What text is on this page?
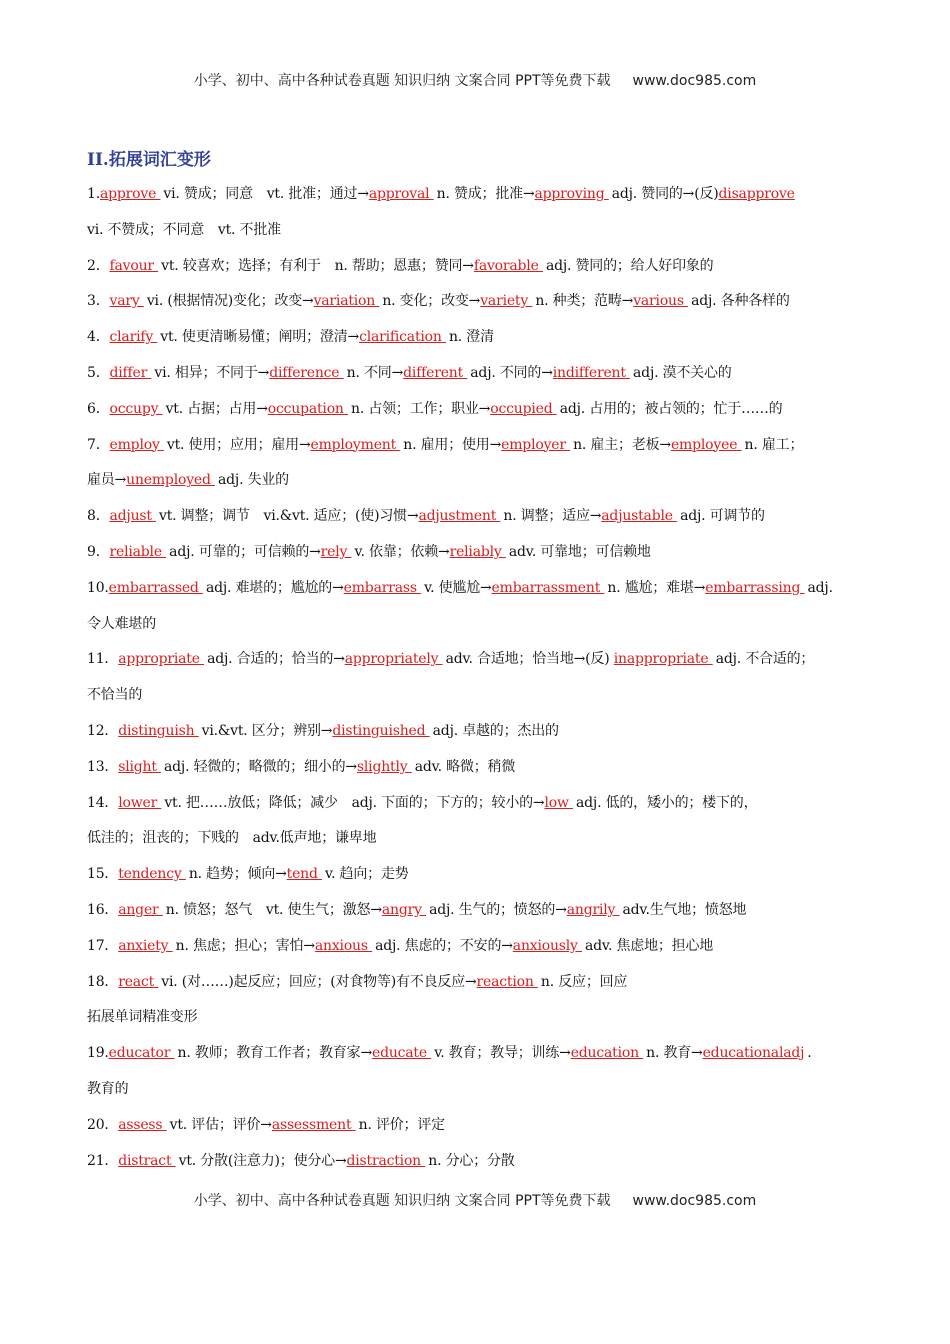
小学、初中、高中各种试卷真题 知识归纳 文案合同 PPT等免费下载 www.doc985.com
II.拓展词汇变形
1.approve vi. 赞成；同意　vt. 批准；通过→approval n. 赞成；批准→approving adj. 赞同的→(反)disapprove
vi. 不赞成；不同意　vt. 不批准
2．favour vt. 较喜欢；选择；有利于　n. 帮助；恩惠；赞同→favorable adj. 赞同的；给人好印象的
3．vary vi. (根据情况)变化；改变→variation n. 变化；改变→variety n. 种类；范畴→various adj. 各种各样的
4．clarify vt. 使更清晰易懂；阐明；澄清→clarification n. 澄清
5．differ vi. 相异；不同于→difference n. 不同→different adj. 不同的→indifferent adj. 漠不关心的
6．occupy vt. 占据；占用→occupation n. 占领；工作；职业→occupied adj. 占用的；被占领的；忙于……的
7．employ vt. 使用；应用；雇用→employment n. 雇用；使用→employer n. 雇主；老板→employee n. 雇工；
雇员→unemployed adj. 失业的
8．adjust vt. 调整；调节　vi.&vt. 适应；(使)习惯→adjustment n. 调整；适应→adjustable adj. 可调节的
9．reliable adj. 可靠的；可信赖的→rely v. 依靠；依赖→reliably adv. 可靠地；可信赖地
10.embarrassed adj. 难堪的；尴尬的→embarrass v. 使尴尬→embarrassment n. 尴尬；难堪→embarrassing adj.
令人难堪的
11．appropriate adj. 合适的；恰当的→appropriately adv. 合适地；恰当地→(反) inappropriate adj. 不合适的；
不恰当的
12．distinguish vi.&vt. 区分；辨别→distinguished adj. 卓越的；杰出的
13．slight adj. 轻微的；略微的；细小的→slightly adv. 略微；稍微
14．lower vt. 把……放低；降低；减少　adj. 下面的；下方的；较小的→low adj. 低的，矮小的；楼下的，
低洼的；沮丧的；下贱的　adv.低声地；谦卑地
15．tendency n. 趋势；倾向→tend v. 趋向；走势
16．anger n. 愤怒；怒气　vt. 使生气；激怒→angry adj. 生气的；愤怒的→angrily adv.生气地；愤怒地
17．anxiety n. 焦虑；担心；害怕→anxious adj. 焦虑的；不安的→anxiously adv. 焦虑地；担心地
18．react vi. (对……)起反应；回应；(对食物等)有不良反应→reaction n. 反应；回应
拓展单词精准变形
19.educator n. 教师；教育工作者；教育家→educate v. 教育；教导；训练→education n. 教育→educationaladj .
教育的
20．assess vt. 评估；评价→assessment n. 评价；评定
21．distract vt. 分散(注意力)；使分心→distraction n. 分心；分散
小学、初中、高中各种试卷真题 知识归纳 文案合同 PPT等免费下载 www.doc985.com
